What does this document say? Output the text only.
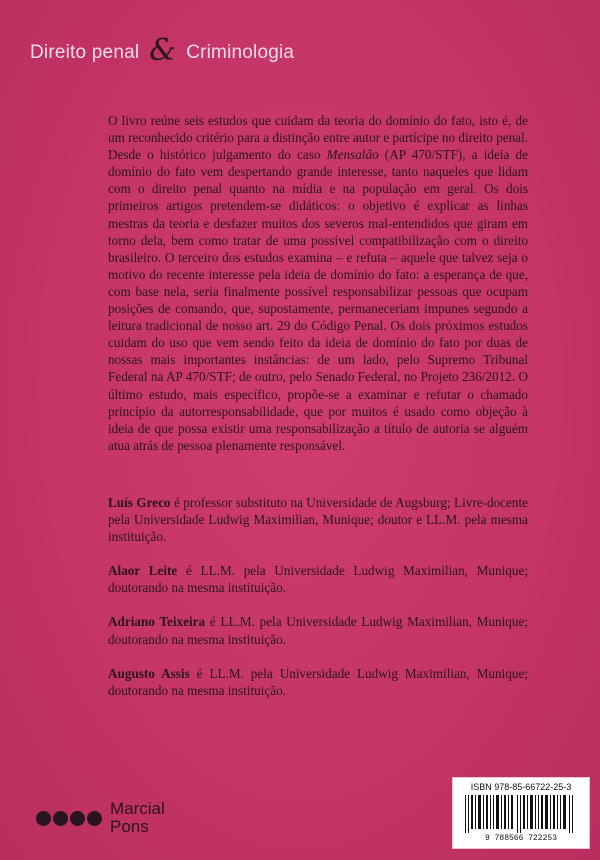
Direito penal & Criminologia
O livro reúne seis estudos que cuidam da teoria do domínio do fato, isto é, de um reconhecido critério para a distinção entre autor e partícipe no direito penal. Desde o histórico julgamento do caso Mensalão (AP 470/STF), a ideia de domínio do fato vem despertando grande interesse, tanto naqueles que lidam com o direito penal quanto na mídia e na população em geral. Os dois primeiros artigos pretendem-se didáticos: o objetivo é explicar as linhas mestras da teoria e desfazer muitos dos severos mal-entendidos que giram em torno dela, bem como tratar de uma possível compatibilização com o direito brasileiro. O terceiro dos estudos examina – e refuta – aquele que talvez seja o motivo do recente interesse pela ideia de domínio do fato: a esperança de que, com base nela, seria finalmente possível responsabilizar pessoas que ocupam posições de comando, que, supostamente, permaneceriam impunes segundo a leitura tradicional de nosso art. 29 do Código Penal. Os dois próximos estudos cuidam do uso que vem sendo feito da ideia de domínio do fato por duas de nossas mais importantes instâncias: de um lado, pelo Supremo Tribunal Federal na AP 470/STF; de outro, pelo Senado Federal, no Projeto 236/2012. O último estudo, mais específico, propõe-se a examinar e refutar o chamado princípio da autorresponsabilidade, que por muitos é usado como objeção à ideia de que possa existir uma responsabilização a título de autoria se alguém atua atrás de pessoa plenamente responsável.

Luís Greco é professor substituto na Universidade de Augsburg; Livre-docente pela Universidade Ludwig Maximilian, Munique; doutor e LL.M. pela mesma instituição.

Alaor Leite é LL.M. pela Universidade Ludwig Maximilian, Munique; doutorando na mesma instituição.

Adriano Teixeira é LL.M. pela Universidade Ludwig Maximilian, Munique; doutorando na mesma instituição.

Augusto Assis é LL.M. pela Universidade Ludwig Maximilian, Munique; doutorando na mesma instituição.

Marcial
Pons
ISBN 978-85-66722-25-3
9 788566 722253
